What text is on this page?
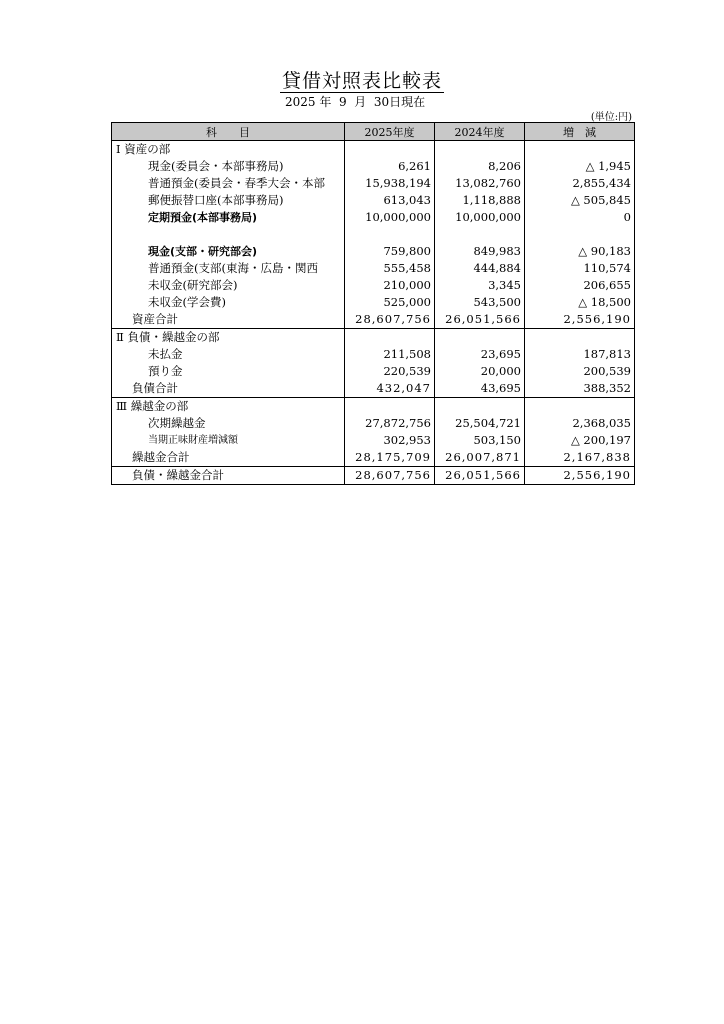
貸借対照表比較表
2025 年  9  月  30日現在
(単位:円)
科　　目	2025年度	2024年度	増　減
Ⅰ 資産の部			
現金(委員会・本部事務局)	6,261	8,206	△ 1,945
普通預金(委員会・春季大会・本部	15,938,194	13,082,760	2,855,434
郵便振替口座(本部事務局)	613,043	1,118,888	△ 505,845
定期預金(本部事務局)	10,000,000	10,000,000	0

現金(支部・研究部会)	759,800	849,983	△ 90,183
普通預金(支部(東海・広島・関西	555,458	444,884	110,574
未収金(研究部会)	210,000	3,345	206,655
未収金(学会費)	525,000	543,500	△ 18,500
資産合計	28,607,756	26,051,566	2,556,190
Ⅱ 負債・繰越金の部			
未払金	211,508	23,695	187,813
預り金	220,539	20,000	200,539
負債合計	432,047	43,695	388,352
Ⅲ 繰越金の部			
次期繰越金	27,872,756	25,504,721	2,368,035
当期正味財産増減額	302,953	503,150	△ 200,197
繰越金合計	28,175,709	26,007,871	2,167,838
負債・繰越金合計	28,607,756	26,051,566	2,556,190
